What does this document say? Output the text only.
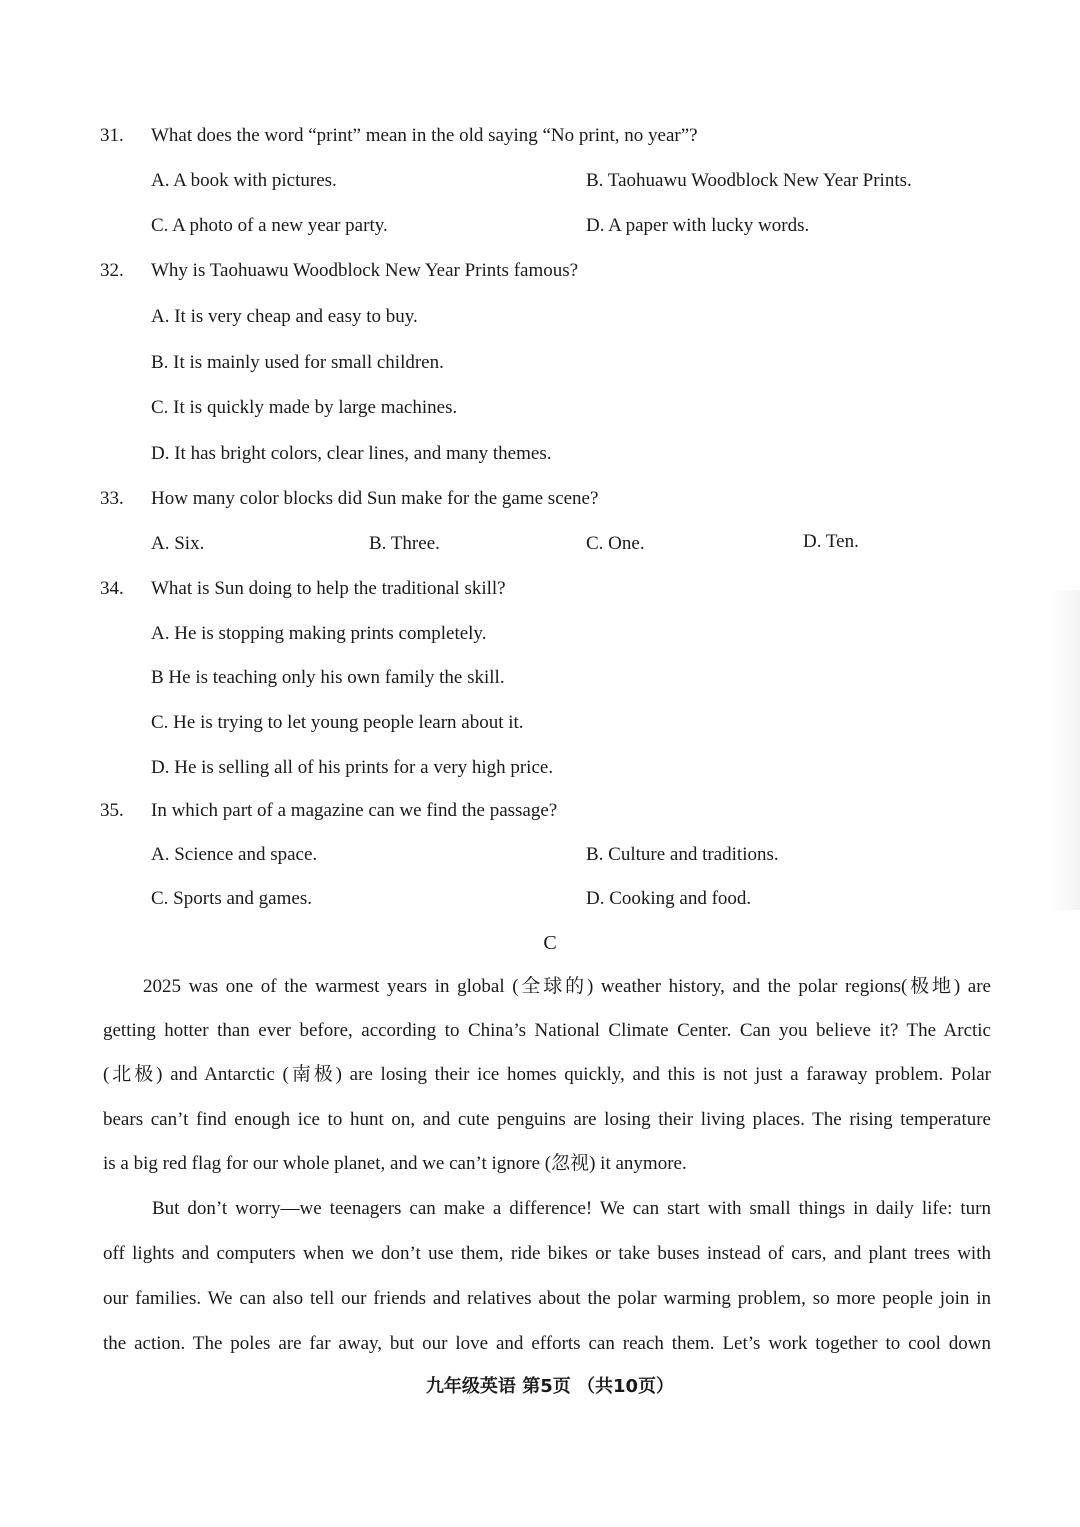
31. What does the word “print” mean in the old saying “No print, no year”?
A. A book with pictures.	B. Taohuawu Woodblock New Year Prints.
C. A photo of a new year party.	D. A paper with lucky words.
32. Why is Taohuawu Woodblock New Year Prints famous?
A. It is very cheap and easy to buy.
B. It is mainly used for small children.
C. It is quickly made by large machines.
D. It has bright colors, clear lines, and many themes.
33. How many color blocks did Sun make for the game scene?
A. Six.	B. Three.	C. One.	D. Ten.
34. What is Sun doing to help the traditional skill?
A. He is stopping making prints completely.
B He is teaching only his own family the skill.
C. He is trying to let young people learn about it.
D. He is selling all of his prints for a very high price.
35. In which part of a magazine can we find the passage?
A. Science and space.	B. Culture and traditions.
C. Sports and games.	D. Cooking and food.
C
2025 was one of the warmest years in global (全球的) weather history, and the polar regions(极地) are
getting hotter than ever before, according to China’s National Climate Center. Can you believe it? The Arctic
(北极) and Antarctic (南极) are losing their ice homes quickly, and this is not just a faraway problem. Polar
bears can’t find enough ice to hunt on, and cute penguins are losing their living places. The rising temperature
is a big red flag for our whole planet, and we can’t ignore (忽视) it anymore.
But don’t worry—we teenagers can make a difference! We can start with small things in daily life: turn
off lights and computers when we don’t use them, ride bikes or take buses instead of cars, and plant trees with
our families. We can also tell our friends and relatives about the polar warming problem, so more people join in
the action. The poles are far away, but our love and efforts can reach them. Let’s work together to cool down
九年级英语 第5页 （共10页）
